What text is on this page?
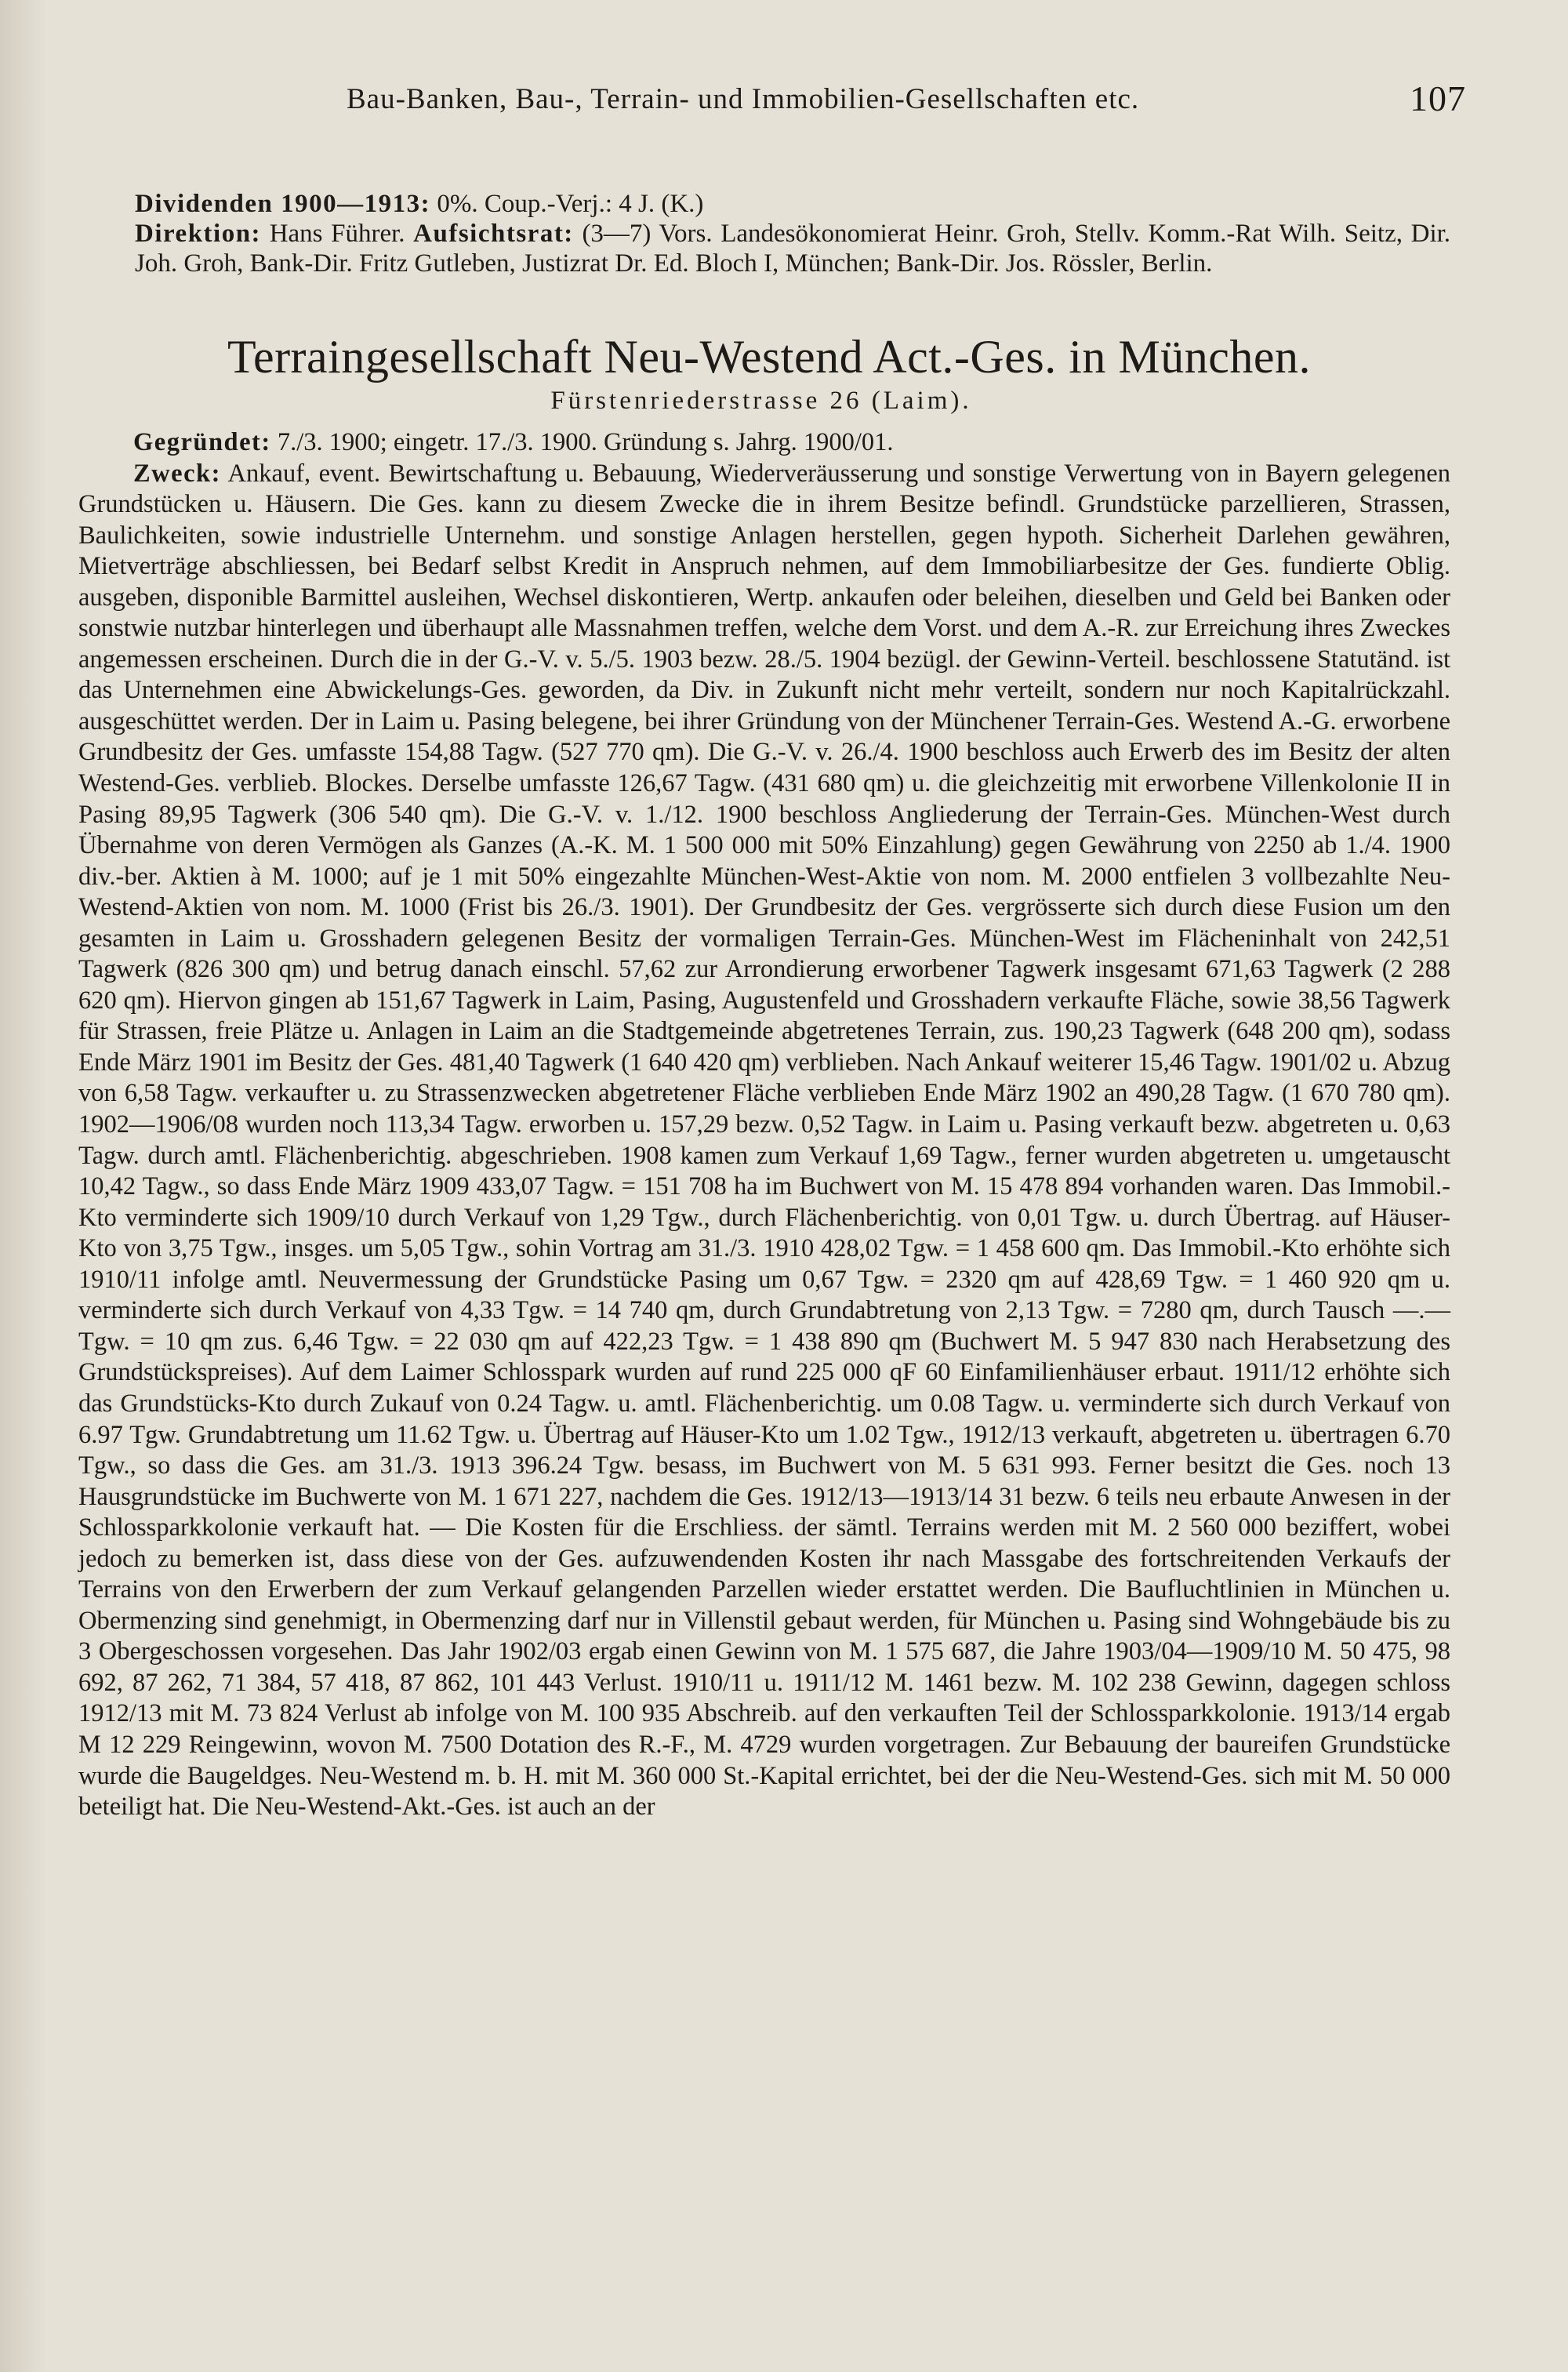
Bau-Banken, Bau-, Terrain- und Immobilien-Gesellschaften etc.	107

Dividenden 1900—1913: 0%. Coup.-Verj.: 4 J. (K.)

Direktion: Hans Führer. Aufsichtsrat: (3—7) Vors. Landesökonomierat Heinr. Groh, Stellv. Komm.-Rat Wilh. Seitz, Dir. Joh. Groh, Bank-Dir. Fritz Gutleben, Justizrat Dr. Ed. Bloch I, München; Bank-Dir. Jos. Rössler, Berlin.

Terraingesellschaft Neu-Westend Act.-Ges. in München.
Fürstenriederstrasse 26 (Laim).

Gegründet: 7./3. 1900; eingetr. 17./3. 1900. Gründung s. Jahrg. 1900/01.

Zweck: Ankauf, event. Bewirtschaftung u. Bebauung, Wiederveräusserung und sonstige Verwertung von in Bayern gelegenen Grundstücken u. Häusern. Die Ges. kann zu diesem Zwecke die in ihrem Besitze befindl. Grundstücke parzellieren, Strassen, Baulichkeiten, sowie industrielle Unternehm. und sonstige Anlagen herstellen, gegen hypoth. Sicherheit Darlehen gewähren, Mietverträge abschliessen, bei Bedarf selbst Kredit in Anspruch nehmen, auf dem Immobiliarbesitze der Ges. fundierte Oblig. ausgeben, disponible Barmittel ausleihen, Wechsel diskontieren, Wertp. ankaufen oder beleihen, dieselben und Geld bei Banken oder sonstwie nutzbar hinterlegen und überhaupt alle Massnahmen treffen, welche dem Vorst. und dem A.-R. zur Erreichung ihres Zweckes angemessen erscheinen. Durch die in der G.-V. v. 5./5. 1903 bezw. 28./5. 1904 bezügl. der Gewinn-Verteil. beschlossene Statutänd. ist das Unternehmen eine Abwickelungs-Ges. geworden, da Div. in Zukunft nicht mehr verteilt, sondern nur noch Kapitalrückzahl. ausgeschüttet werden. Der in Laim u. Pasing belegene, bei ihrer Gründung von der Münchener Terrain-Ges. Westend A.-G. erworbene Grundbesitz der Ges. umfasste 154,88 Tagw. (527 770 qm). Die G.-V. v. 26./4. 1900 beschloss auch Erwerb des im Besitz der alten Westend-Ges. verblieb. Blockes. Derselbe umfasste 126,67 Tagw. (431 680 qm) u. die gleichzeitig mit erworbene Villenkolonie II in Pasing 89,95 Tagwerk (306 540 qm). Die G.-V. v. 1./12. 1900 beschloss Angliederung der Terrain-Ges. München-West durch Übernahme von deren Vermögen als Ganzes (A.-K. M. 1 500 000 mit 50% Einzahlung) gegen Gewährung von 2250 ab 1./4. 1900 div.-ber. Aktien à M. 1000; auf je 1 mit 50% eingezahlte München-West-Aktie von nom. M. 2000 entfielen 3 vollbezahlte Neu-Westend-Aktien von nom. M. 1000 (Frist bis 26./3. 1901). Der Grundbesitz der Ges. vergrösserte sich durch diese Fusion um den gesamten in Laim u. Grosshadern gelegenen Besitz der vormaligen Terrain-Ges. München-West im Flächeninhalt von 242,51 Tagwerk (826 300 qm) und betrug danach einschl. 57,62 zur Arrondierung erworbener Tagwerk insgesamt 671,63 Tagwerk (2 288 620 qm). Hiervon gingen ab 151,67 Tagwerk in Laim, Pasing, Augustenfeld und Grosshadern verkaufte Fläche, sowie 38,56 Tagwerk für Strassen, freie Plätze u. Anlagen in Laim an die Stadtgemeinde abgetretenes Terrain, zus. 190,23 Tagwerk (648 200 qm), sodass Ende März 1901 im Besitz der Ges. 481,40 Tagwerk (1 640 420 qm) verblieben. Nach Ankauf weiterer 15,46 Tagw. 1901/02 u. Abzug von 6,58 Tagw. verkaufter u. zu Strassenzwecken abgetretener Fläche verblieben Ende März 1902 an 490,28 Tagw. (1 670 780 qm). 1902—1906/08 wurden noch 113,34 Tagw. erworben u. 157,29 bezw. 0,52 Tagw. in Laim u. Pasing verkauft bezw. abgetreten u. 0,63 Tagw. durch amtl. Flächenberichtig. abgeschrieben. 1908 kamen zum Verkauf 1,69 Tagw., ferner wurden abgetreten u. umgetauscht 10,42 Tagw., so dass Ende März 1909 433,07 Tagw. = 151 708 ha im Buchwert von M. 15 478 894 vorhanden waren. Das Immobil.-Kto verminderte sich 1909/10 durch Verkauf von 1,29 Tgw., durch Flächenberichtig. von 0,01 Tgw. u. durch Übertrag. auf Häuser-Kto von 3,75 Tgw., insges. um 5,05 Tgw., sohin Vortrag am 31./3. 1910 428,02 Tgw. = 1 458 600 qm. Das Immobil.-Kto erhöhte sich 1910/11 infolge amtl. Neuvermessung der Grundstücke Pasing um 0,67 Tgw. = 2320 qm auf 428,69 Tgw. = 1 460 920 qm u. verminderte sich durch Verkauf von 4,33 Tgw. = 14 740 qm, durch Grundabtretung von 2,13 Tgw. = 7280 qm, durch Tausch —.— Tgw. = 10 qm zus. 6,46 Tgw. = 22 030 qm auf 422,23 Tgw. = 1 438 890 qm (Buchwert M. 5 947 830 nach Herabsetzung des Grundstückspreises). Auf dem Laimer Schlosspark wurden auf rund 225 000 qF 60 Einfamilienhäuser erbaut. 1911/12 erhöhte sich das Grundstücks-Kto durch Zukauf von 0.24 Tagw. u. amtl. Flächenberichtig. um 0.08 Tagw. u. verminderte sich durch Verkauf von 6.97 Tgw. Grundabtretung um 11.62 Tgw. u. Übertrag auf Häuser-Kto um 1.02 Tgw., 1912/13 verkauft, abgetreten u. übertragen 6.70 Tgw., so dass die Ges. am 31./3. 1913 396.24 Tgw. besass, im Buchwert von M. 5 631 993. Ferner besitzt die Ges. noch 13 Hausgrundstücke im Buchwerte von M. 1 671 227, nachdem die Ges. 1912/13—1913/14 31 bezw. 6 teils neu erbaute Anwesen in der Schlossparkkolonie verkauft hat. — Die Kosten für die Erschliess. der sämtl. Terrains werden mit M. 2 560 000 beziffert, wobei jedoch zu bemerken ist, dass diese von der Ges. aufzuwendenden Kosten ihr nach Massgabe des fortschreitenden Verkaufs der Terrains von den Erwerbern der zum Verkauf gelangenden Parzellen wieder erstattet werden. Die Baufluchtlinien in München u. Obermenzing sind genehmigt, in Obermenzing darf nur in Villenstil gebaut werden, für München u. Pasing sind Wohngebäude bis zu 3 Obergeschossen vorgesehen. Das Jahr 1902/03 ergab einen Gewinn von M. 1 575 687, die Jahre 1903/04—1909/10 M. 50 475, 98 692, 87 262, 71 384, 57 418, 87 862, 101 443 Verlust. 1910/11 u. 1911/12 M. 1461 bezw. M. 102 238 Gewinn, dagegen schloss 1912/13 mit M. 73 824 Verlust ab infolge von M. 100 935 Abschreib. auf den verkauften Teil der Schlossparkkolonie. 1913/14 ergab M 12 229 Reingewinn, wovon M. 7500 Dotation des R.-F., M. 4729 wurden vorgetragen. Zur Bebauung der baureifen Grundstücke wurde die Baugeldges. Neu-Westend m. b. H. mit M. 360 000 St.-Kapital errichtet, bei der die Neu-Westend-Ges. sich mit M. 50 000 beteiligt hat. Die Neu-Westend-Akt.-Ges. ist auch an der
